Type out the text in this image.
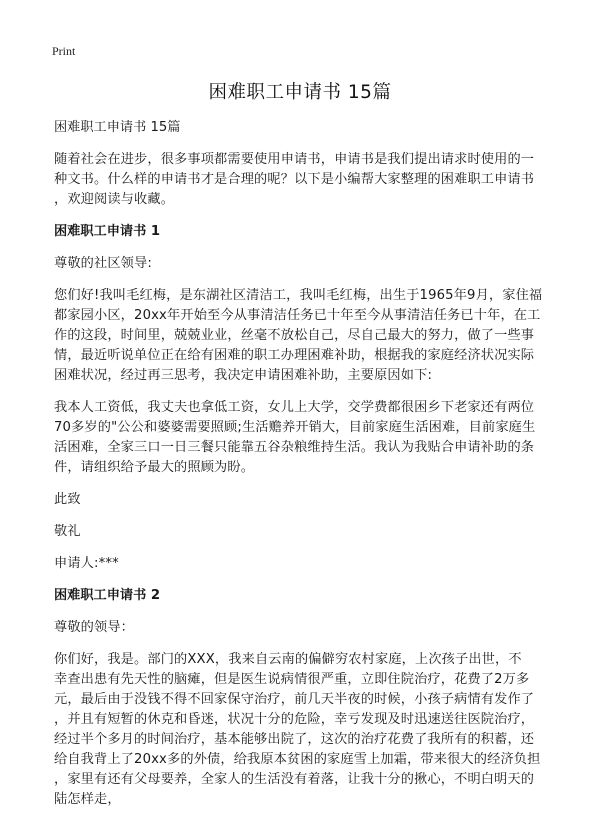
Print
困难职工申请书 15篇
困难职工申请书 15篇
随着社会在进步，很多事项都需要使用申请书，申请书是我们提出请求时使用的一
种文书。什么样的申请书才是合理的呢？以下是小编帮大家整理的困难职工申请书
，欢迎阅读与收藏。
困难职工申请书 1
尊敬的社区领导:
您们好!我叫毛红梅，是东湖社区清洁工，我叫毛红梅，出生于1965年9月，家住福
都家园小区，20xx年开始至今从事清洁任务已十年至今从事清洁任务已十年，在工
作的这段，时间里，兢兢业业，丝毫不放松自己，尽自己最大的努力，做了一些事
情，最近听说单位正在给有困难的职工办理困难补助，根据我的家庭经济状况实际
困难状况，经过再三思考，我决定申请困难补助，主要原因如下:
我本人工资低，我丈夫也拿低工资，女儿上大学，交学费都很困乡下老家还有两位
70多岁的"公公和婆婆需要照顾;生活赡养开销大，目前家庭生活困难，目前家庭生
活困难，全家三口一日三餐只能靠五谷杂粮维持生活。我认为我贴合申请补助的条
件，请组织给予最大的照顾为盼。
此致
敬礼
申请人:***
困难职工申请书 2
尊敬的领导：
你们好，我是。部门的XXX，我来自云南的偏僻穷农村家庭，上次孩子出世，不
幸查出患有先天性的脑瘫，但是医生说病情很严重，立即住院治疗，花费了2万多
元，最后由于没钱不得不回家保守治疗，前几天半夜的时候，小孩子病情有发作了
，并且有短暂的休克和昏迷，状况十分的危险，幸亏发现及时迅速送往医院治疗，
经过半个多月的时间治疗，基本能够出院了，这次的治疗花费了我所有的积蓄，还
给自我背上了20xx多的外债，给我原本贫困的家庭雪上加霜，带来很大的经济负担
，家里有还有父母要养，全家人的生活没有着落，让我十分的揪心，不明白明天的
陆怎样走，
